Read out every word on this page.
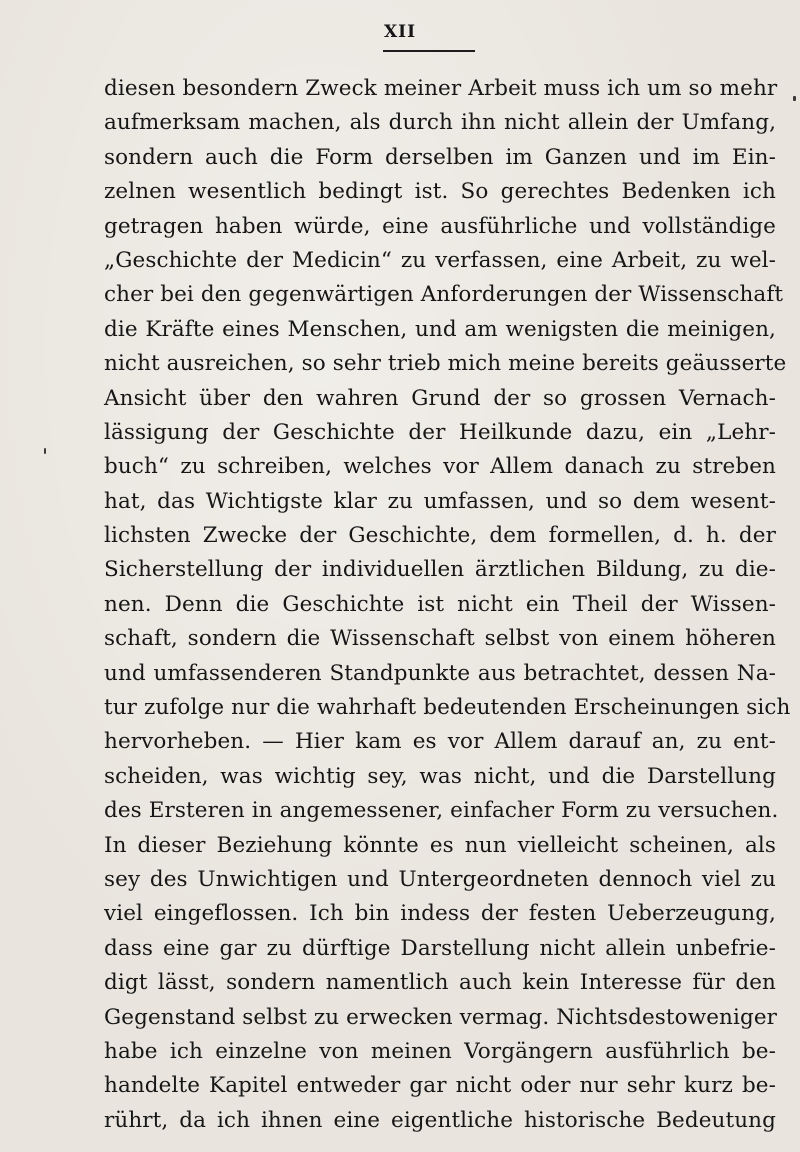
XII
diesen besondern Zweck meiner Arbeit muss ich um so mehr
aufmerksam machen, als durch ihn nicht allein der Umfang,
sondern auch die Form derselben im Ganzen und im Ein-
zelnen wesentlich bedingt ist. So gerechtes Bedenken ich
getragen haben würde, eine ausführliche und vollständige
„Geschichte der Medicin“ zu verfassen, eine Arbeit, zu wel-
cher bei den gegenwärtigen Anforderungen der Wissenschaft
die Kräfte eines Menschen, und am wenigsten die meinigen,
nicht ausreichen, so sehr trieb mich meine bereits geäusserte
Ansicht über den wahren Grund der so grossen Vernach-
lässigung der Geschichte der Heilkunde dazu, ein „Lehr-
buch“ zu schreiben, welches vor Allem danach zu streben
hat, das Wichtigste klar zu umfassen, und so dem wesent-
lichsten Zwecke der Geschichte, dem formellen, d. h. der
Sicherstellung der individuellen ärztlichen Bildung, zu die-
nen. Denn die Geschichte ist nicht ein Theil der Wissen-
schaft, sondern die Wissenschaft selbst von einem höheren
und umfassenderen Standpunkte aus betrachtet, dessen Na-
tur zufolge nur die wahrhaft bedeutenden Erscheinungen sich
hervorheben. — Hier kam es vor Allem darauf an, zu ent-
scheiden, was wichtig sey, was nicht, und die Darstellung
des Ersteren in angemessener, einfacher Form zu versuchen.
In dieser Beziehung könnte es nun vielleicht scheinen, als
sey des Unwichtigen und Untergeordneten dennoch viel zu
viel eingeflossen. Ich bin indess der festen Ueberzeugung,
dass eine gar zu dürftige Darstellung nicht allein unbefrie-
digt lässt, sondern namentlich auch kein Interesse für den
Gegenstand selbst zu erwecken vermag. Nichtsdestoweniger
habe ich einzelne von meinen Vorgängern ausführlich be-
handelte Kapitel entweder gar nicht oder nur sehr kurz be-
rührt, da ich ihnen eine eigentliche historische Bedeutung
